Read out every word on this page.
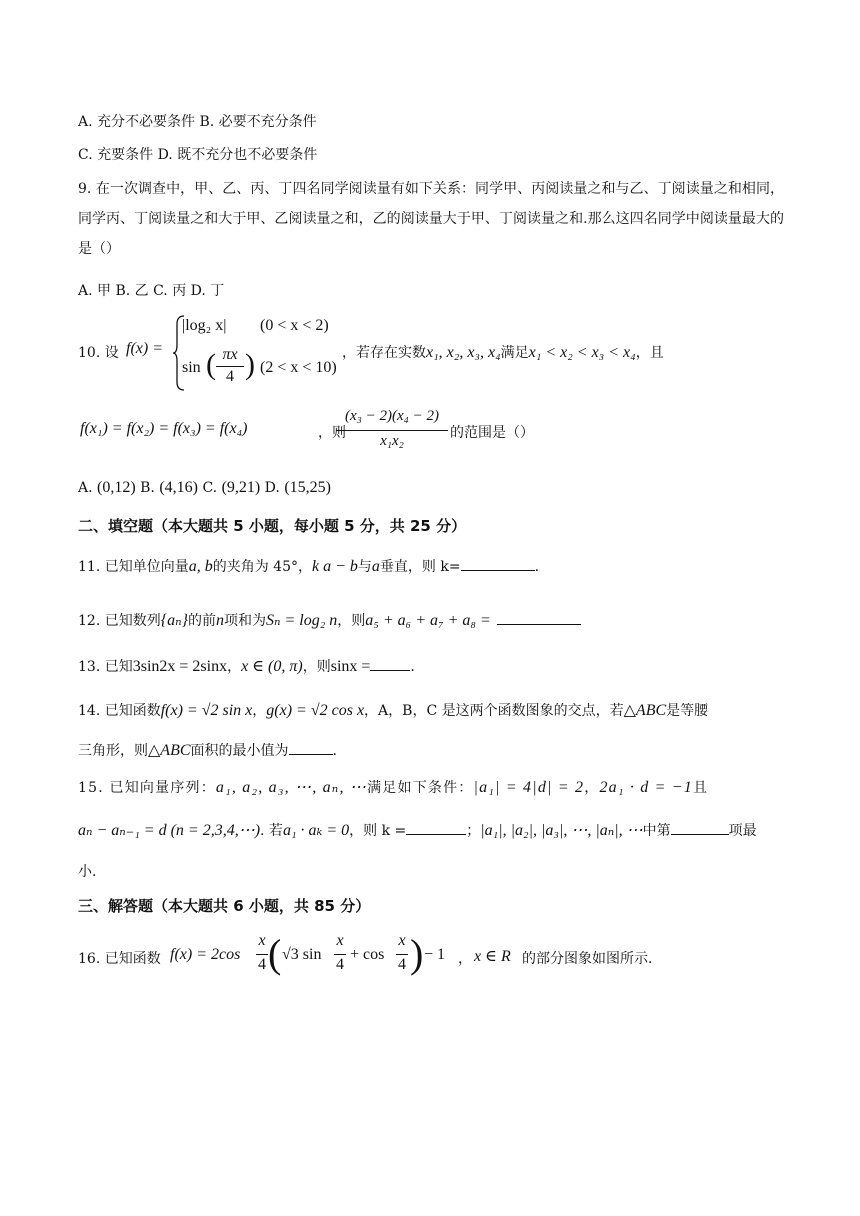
A. 充分不必要条件 B. 必要不充分条件
C. 充要条件 D. 既不充分也不必要条件
9. 在一次调查中，甲、乙、丙、丁四名同学阅读量有如下关系：同学甲、丙阅读量之和与乙、丁阅读量之和相同，同学丙、丁阅读量之和大于甲、乙阅读量之和，乙的阅读量大于甲、丁阅读量之和.那么这四名同学中阅读量最大的是（）
A. 甲 B. 乙 C. 丙 D. 丁
10. 设 f(x) =
|log₂ x| (0 < x < 2)
sin ( πx
4 ) (2 < x < 10)
，若存在实数x₁, x₂, x₃, x₄满足x₁ < x₂ < x₃ < x₄，且
f(x₁) = f(x₂) = f(x₃) = f(x₄)	，则
(x₃ − 2)(x₄ − 2)
x₁x₂	的范围是（）
A. (0,12) B. (4,16) C. (9,21) D. (15,25)
二、填空题（本大题共 5 小题，每小题 5 分，共 25 分）
11. 已知单位向量a, b的夹角为 45°，k a − b与a垂直，则 k=	.
12. 已知数列{aₙ}的前n项和为Sₙ = log₂ n，则a₅ + a₆ + a₇ + a₈ =
13. 已知3sin2x = 2sinx，x ∈ (0, π)，则sinx =	.
14. 已知函数f(x) = √2 sin x，g(x) = √2 cos x，A，B，C 是这两个函数图象的交点，若△ABC是等腰
三角形，则△ABC面积的最小值为	.
15. 已知向量序列：a₁, a₂, a₃, ⋯, aₙ, ⋯满足如下条件：|a₁| = 4|d| = 2，2a₁ · d = −1且
aₙ − aₙ₋₁ = d (n = 2,3,4,⋯). 若a₁ · aₖ = 0，则 k =	；|a₁|, |a₂|, |a₃|, ⋯, |aₙ|, ⋯中第	项最
小.
三、解答题（本大题共 6 小题，共 85 分）
16. 已知函数 f(x) = 2cos
x
4 ( √3 sin
x
4
+ cos
x
4 ) − 1 ， x ∈ R 的部分图象如图所示.
